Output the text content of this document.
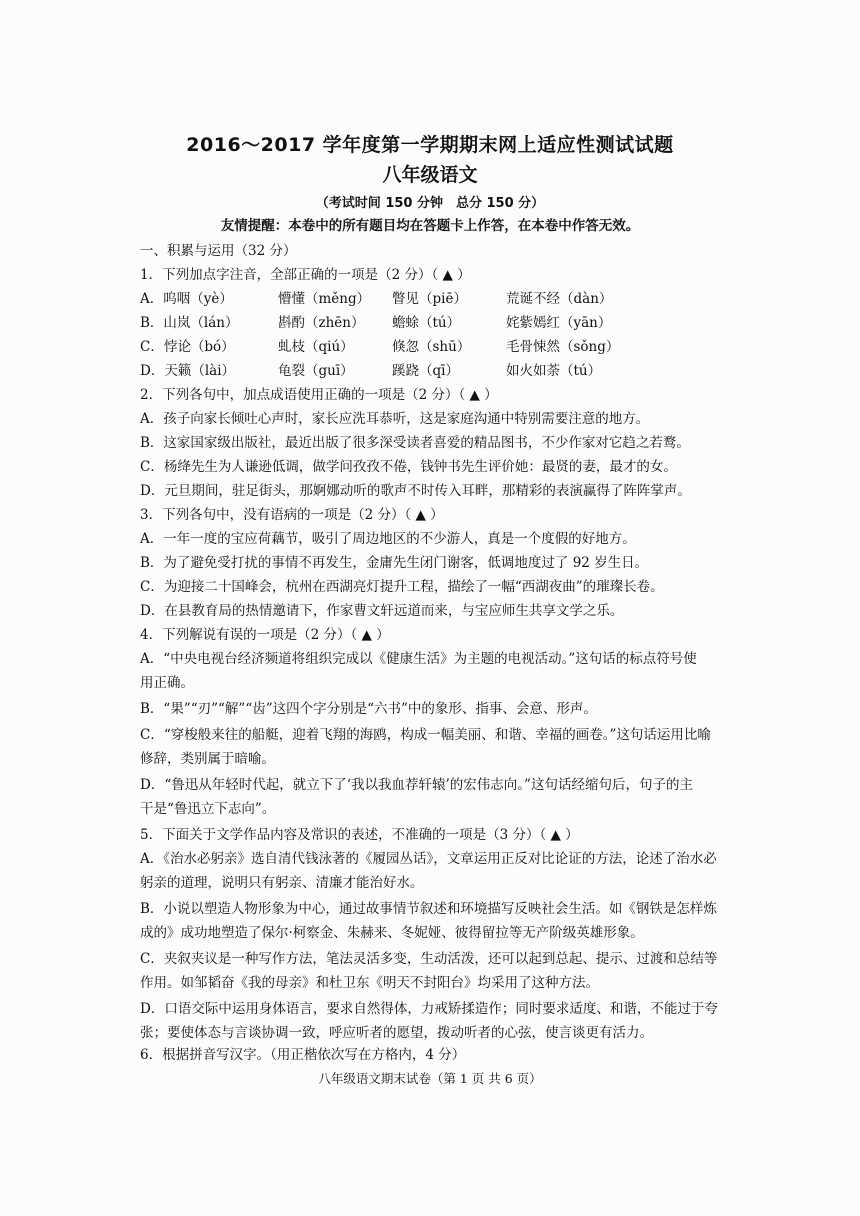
2016～2017 学年度第一学期期末网上适应性测试试题
八年级语文
（考试时间 150 分钟　总分 150 分）
友情提醒：本卷中的所有题目均在答题卡上作答，在本卷中作答无效。
一、积累与运用（32 分）
1．下列加点字注音，全部正确的一项是（2 分）（ ▲ ）
A．呜咽（yè）	懵懂（měng） 瞥见（piē）	荒诞不经（dàn）
B．山岚（lán）	斟酌（zhēn） 蟾蜍（tú）	姹紫嫣红（yān）
C．悖论（bó）	虬枝（qiú）	倏忽（shū）	毛骨悚然（sǒng）
D．天籁（lài）	龟裂（guī）	蹊跷（qī）	如火如荼（tú）
2．下列各句中，加点成语使用正确的一项是（2 分）（ ▲ ）
A．孩子向家长倾吐心声时，家长应洗耳恭听，这是家庭沟通中特别需要注意的地方。
B．这家国家级出版社，最近出版了很多深受读者喜爱的精品图书，不少作家对它趋之若鹜。
C．杨绛先生为人谦逊低调，做学问孜孜不倦，钱钟书先生评价她：最贤的妻，最才的女。
D．元旦期间，驻足街头，那婀娜动听的歌声不时传入耳畔，那精彩的表演赢得了阵阵掌声。
3．下列各句中，没有语病的一项是（2 分）（ ▲ ）
A．一年一度的宝应荷藕节，吸引了周边地区的不少游人，真是一个度假的好地方。
B．为了避免受打扰的事情不再发生，金庸先生闭门谢客，低调地度过了 92 岁生日。
C．为迎接二十国峰会，杭州在西湖亮灯提升工程，描绘了一幅“西湖夜曲”的璀璨长卷。
D．在县教育局的热情邀请下，作家曹文轩远道而来，与宝应师生共享文学之乐。
4．下列解说有误的一项是（2 分）（ ▲ ）
A．“中央电视台经济频道将组织完成以《健康生活》为主题的电视活动。”这句话的标点符号使
用正确。
B．“果”“刃”“解”“齿”这四个字分别是“六书”中的象形、指事、会意、形声。
C．“穿梭般来往的船艇，迎着飞翔的海鸥，构成一幅美丽、和谐、幸福的画卷。”这句话运用比喻
修辞，类别属于暗喻。
D．“鲁迅从年轻时代起，就立下了‘我以我血荐轩辕’的宏伟志向。”这句话经缩句后，句子的主
干是“鲁迅立下志向”。
5．下面关于文学作品内容及常识的表述，不准确的一项是（3 分）（ ▲ ）
A．《治水必躬亲》选自清代钱泳著的《履园丛话》，文章运用正反对比论证的方法，论述了治水必
躬亲的道理，说明只有躬亲、清廉才能治好水。
B．小说以塑造人物形象为中心，通过故事情节叙述和环境描写反映社会生活。如《钢铁是怎样炼
成的》成功地塑造了保尔·柯察金、朱赫来、冬妮娅、彼得留拉等无产阶级英雄形象。
C．夹叙夹议是一种写作方法，笔法灵活多变，生动活泼，还可以起到总起、提示、过渡和总结等
作用。如邹韬奋《我的母亲》和杜卫东《明天不封阳台》均采用了这种方法。
D．口语交际中运用身体语言，要求自然得体，力戒矫揉造作；同时要求适度、和谐，不能过于夸
张；要使体态与言谈协调一致，呼应听者的愿望，拨动听者的心弦，使言谈更有活力。
6．根据拼音写汉字。（用正楷依次写在方格内，4 分）
八年级语文期末试卷（第 1 页 共 6 页）
